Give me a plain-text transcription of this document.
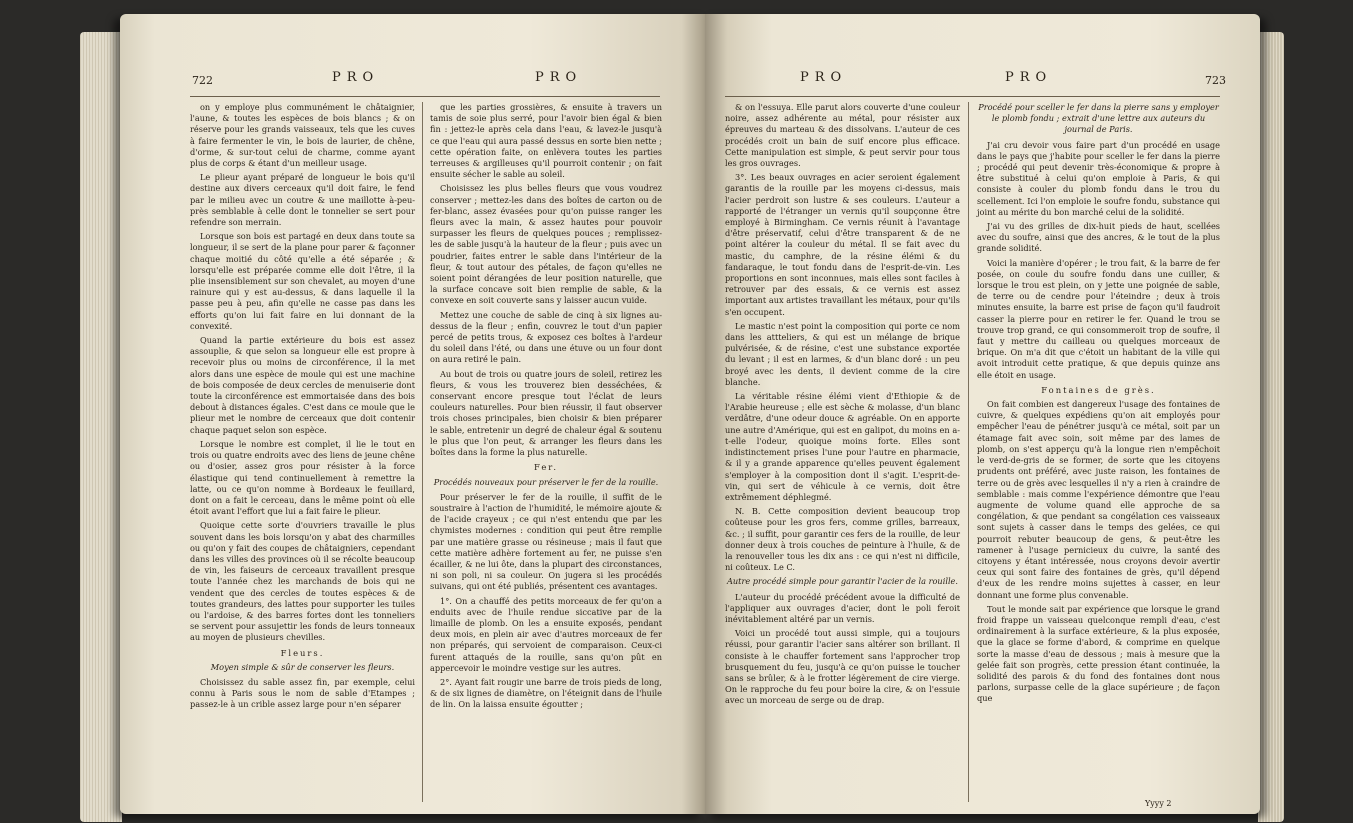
722	PRO	PRO

on y employe plus communément le châtaignier, l'aune, & toutes les espèces de bois blancs ; & on réserve pour les grands vaisseaux, tels que les cuves à faire fermenter le vin, le bois de laurier, de chêne, d'orme, & sur-tout celui de charme, comme ayant plus de corps & étant d'un meilleur usage.

Le plieur ayant préparé de longueur le bois qu'il destine aux divers cerceaux qu'il doit faire, le fend par le milieu avec un coutre & une maillotte à-peu-près semblable à celle dont le tonnelier se sert pour refendre son merrain.

Lorsque son bois est partagé en deux dans toute sa longueur, il se sert de la plane pour parer & façonner chaque moitié du côté qu'elle a été séparée ; & lorsqu'elle est préparée comme elle doit l'être, il la plie insensiblement sur son chevalet, au moyen d'une rainure qui y est au-dessus, & dans laquelle il la passe peu à peu, afin qu'elle ne casse pas dans les efforts qu'on lui fait faire en lui donnant de la convexité.

Quand la partie extérieure du bois est assez assouplie, & que selon sa longueur elle est propre à recevoir plus ou moins de circonférence, il la met alors dans une espèce de moule qui est une machine de bois composée de deux cercles de menuiserie dont toute la circonférence est emmortaisée dans des bois debout à distances égales. C'est dans ce moule que le plieur met le nombre de cerceaux que doit contenir chaque paquet selon son espèce.

Lorsque le nombre est complet, il lie le tout en trois ou quatre endroits avec des liens de jeune chêne ou d'osier, assez gros pour résister à la force élastique qui tend continuellement à remettre la latte, ou ce qu'on nomme à Bordeaux le feuillard, dont on a fait le cerceau, dans le même point où elle étoit avant l'effort que lui a fait faire le plieur.

Quoique cette sorte d'ouvriers travaille le plus souvent dans les bois lorsqu'on y abat des charmilles ou qu'on y fait des coupes de châtaigniers, cependant dans les villes des provinces où il se récolte beaucoup de vin, les faiseurs de cerceaux travaillent presque toute l'année chez les marchands de bois qui ne vendent que des cercles de toutes espèces & de toutes grandeurs, des lattes pour supporter les tuiles ou l'ardoise, & des barres fortes dont les tonneliers se servent pour assujettir les fonds de leurs tonneaux au moyen de plusieurs chevilles.

Fleurs.
Moyen simple & sûr de conserver les fleurs.

Choisissez du sable assez fin, par exemple, celui connu à Paris sous le nom de sable d'Etampes ; passez-le à un crible assez large pour n'en séparer

que les parties grossières, & ensuite à travers un tamis de soie plus serré, pour l'avoir bien égal & bien fin : jettez-le après cela dans l'eau, & lavez-le jusqu'à ce que l'eau qui aura passé dessus en sorte bien nette ; cette opération faite, on enlèvera toutes les parties terreuses & argilleuses qu'il pourroit contenir ; on fait ensuite sécher le sable au soleil.

Choisissez les plus belles fleurs que vous voudrez conserver ; mettez-les dans des boîtes de carton ou de fer-blanc, assez évasées pour qu'on puisse ranger les fleurs avec la main, & assez hautes pour pouvoir surpasser les fleurs de quelques pouces ; remplissez-les de sable jusqu'à la hauteur de la fleur ; puis avec un poudrier, faites entrer le sable dans l'intérieur de la fleur, & tout autour des pétales, de façon qu'elles ne soient point dérangées de leur position naturelle, que la surface concave soit bien remplie de sable, & la convexe en soit couverte sans y laisser aucun vuide.

Mettez une couche de sable de cinq à six lignes au-dessus de la fleur ; enfin, couvrez le tout d'un papier percé de petits trous, & exposez ces boîtes à l'ardeur du soleil dans l'été, ou dans une étuve ou un four dont on aura retiré le pain.

Au bout de trois ou quatre jours de soleil, retirez les fleurs, & vous les trouverez bien desséchées, & conservant encore presque tout l'éclat de leurs couleurs naturelles. Pour bien réussir, il faut observer trois choses principales, bien choisir & bien préparer le sable, entretenir un degré de chaleur égal & soutenu le plus que l'on peut, & arranger les fleurs dans les boîtes dans la forme la plus naturelle.

Fer.
Procédés nouveaux pour préserver le fer de la rouille.

Pour préserver le fer de la rouille, il suffit de le soustraire à l'action de l'humidité, le mémoire ajoute & de l'acide crayeux ; ce qui n'est entendu que par les chymistes modernes : condition qui peut être remplie par une matière grasse ou résineuse ; mais il faut que cette matière adhère fortement au fer, ne puisse s'en écailler, & ne lui ôte, dans la plupart des circonstances, ni son poli, ni sa couleur. On jugera si les procédés suivans, qui ont été publiés, présentent ces avantages.

1°. On a chauffé des petits morceaux de fer qu'on a enduits avec de l'huile rendue siccative par de la limaille de plomb. On les a ensuite exposés, pendant deux mois, en plein air avec d'autres morceaux de fer non préparés, qui servoient de comparaison. Ceux-ci furent attaqués de la rouille, sans qu'on pût en appercevoir le moindre vestige sur les autres.

2°. Ayant fait rougir une barre de trois pieds de long, & de six lignes de diamètre, on l'éteignit dans de l'huile de lin. On la laissa ensuite égoutter ;

PRO	PRO	723

& on l'essuya. Elle parut alors couverte d'une couleur noire, assez adhérente au métal, pour résister aux épreuves du marteau & des dissolvans. L'auteur de ces procédés croit un bain de suif encore plus efficace. Cette manipulation est simple, & peut servir pour tous les gros ouvrages.

3°. Les beaux ouvrages en acier seroient également garantis de la rouille par les moyens ci-dessus, mais l'acier perdroit son lustre & ses couleurs. L'auteur a rapporté de l'étranger un vernis qu'il soupçonne être employé à Birmingham. Ce vernis réunit à l'avantage d'être préservatif, celui d'être transparent & de ne point altérer la couleur du métal. Il se fait avec du mastic, du camphre, de la résine élémi & du fandaraque, le tout fondu dans de l'esprit-de-vin. Les proportions en sont inconnues, mais elles sont faciles à retrouver par des essais, & ce vernis est assez important aux artistes travaillant les métaux, pour qu'ils s'en occupent.

Le mastic n'est point la composition qui porte ce nom dans les attteliers, & qui est un mélange de brique pulvérisée, & de résine, c'est une substance exportée du levant ; il est en larmes, & d'un blanc doré : un peu broyé avec les dents, il devient comme de la cire blanche.

La véritable résine élémi vient d'Ethiopie & de l'Arabie heureuse ; elle est sèche & molasse, d'un blanc verdâtre, d'une odeur douce & agréable. On en apporte une autre d'Amérique, qui est en galipot, du moins en a-t-elle l'odeur, quoique moins forte. Elles sont indistinctement prises l'une pour l'autre en pharmacie, & il y a grande apparence qu'elles peuvent également s'employer à la composition dont il s'agit. L'esprit-de-vin, qui sert de véhicule à ce vernis, doit être extrêmement déphlegmé.

N. B. Cette composition devient beaucoup trop coûteuse pour les gros fers, comme grilles, barreaux, &c. ; il suffit, pour garantir ces fers de la rouille, de leur donner deux à trois couches de peinture à l'huile, & de la renouveller tous les dix ans : ce qui n'est ni difficile, ni coûteux. Le C.

Autre procédé simple pour garantir l'acier de la rouille.

L'auteur du procédé précédent avoue la difficulté de l'appliquer aux ouvrages d'acier, dont le poli feroit inévitablement altéré par un vernis.

Voici un procédé tout aussi simple, qui a toujours réussi, pour garantir l'acier sans altérer son brillant. Il consiste à le chauffer fortement sans l'approcher trop brusquement du feu, jusqu'à ce qu'on puisse le toucher sans se brûler, & à le frotter légèrement de cire vierge. On le rapproche du feu pour boire la cire, & on l'essuie avec un morceau de serge ou de drap.

Procédé pour sceller le fer dans la pierre sans y employer le plomb fondu ; extrait d'une lettre aux auteurs du journal de Paris.

J'ai cru devoir vous faire part d'un procédé en usage dans le pays que j'habite pour sceller le fer dans la pierre ; procédé qui peut devenir très-économique & propre à être substitué à celui qu'on emploie à Paris, & qui consiste à couler du plomb fondu dans le trou du scellement. Ici l'on emploie le soufre fondu, substance qui joint au mérite du bon marché celui de la solidité.

J'ai vu des grilles de dix-huit pieds de haut, scellées avec du soufre, ainsi que des ancres, & le tout de la plus grande solidité.

Voici la manière d'opérer ; le trou fait, & la barre de fer posée, on coule du soufre fondu dans une cuiller, & lorsque le trou est plein, on y jette une poignée de sable, de terre ou de cendre pour l'éteindre ; deux à trois minutes ensuite, la barre est prise de façon qu'il faudroit casser la pierre pour en retirer le fer. Quand le trou se trouve trop grand, ce qui consommeroit trop de soufre, il faut y mettre du cailleau ou quelques morceaux de brique. On m'a dit que c'étoit un habitant de la ville qui avoit introduit cette pratique, & que depuis quinze ans elle étoit en usage.

Fontaines de grès.

On fait combien est dangereux l'usage des fontaines de cuivre, & quelques expédiens qu'on ait employés pour empêcher l'eau de pénétrer jusqu'à ce métal, soit par un étamage fait avec soin, soit même par des lames de plomb, on s'est apperçu qu'à la longue rien n'empêchoit le verd-de-gris de se former, de sorte que les citoyens prudents ont préféré, avec juste raison, les fontaines de terre ou de grès avec lesquelles il n'y a rien à craindre de semblable : mais comme l'expérience démontre que l'eau augmente de volume quand elle approche de sa congélation, & que pendant sa congélation ces vaisseaux sont sujets à casser dans le temps des gelées, ce qui pourroit rebuter beaucoup de gens, & peut-être les ramener à l'usage pernicieux du cuivre, la santé des citoyens y étant intéressée, nous croyons devoir avertir ceux qui sont faire des fontaines de grès, qu'il dépend d'eux de les rendre moins sujettes à casser, en leur donnant une forme plus convenable.

Tout le monde sait par expérience que lorsque le grand froid frappe un vaisseau quelconque rempli d'eau, c'est ordinairement à la surface extérieure, & la plus exposée, que la glace se forme d'abord, & comprime en quelque sorte la masse d'eau de dessous ; mais à mesure que la gelée fait son progrès, cette pression étant continuée, la solidité des parois & du fond des fontaines dont nous parlons, surpasse celle de la glace supérieure ; de façon que

Yyyy 2
